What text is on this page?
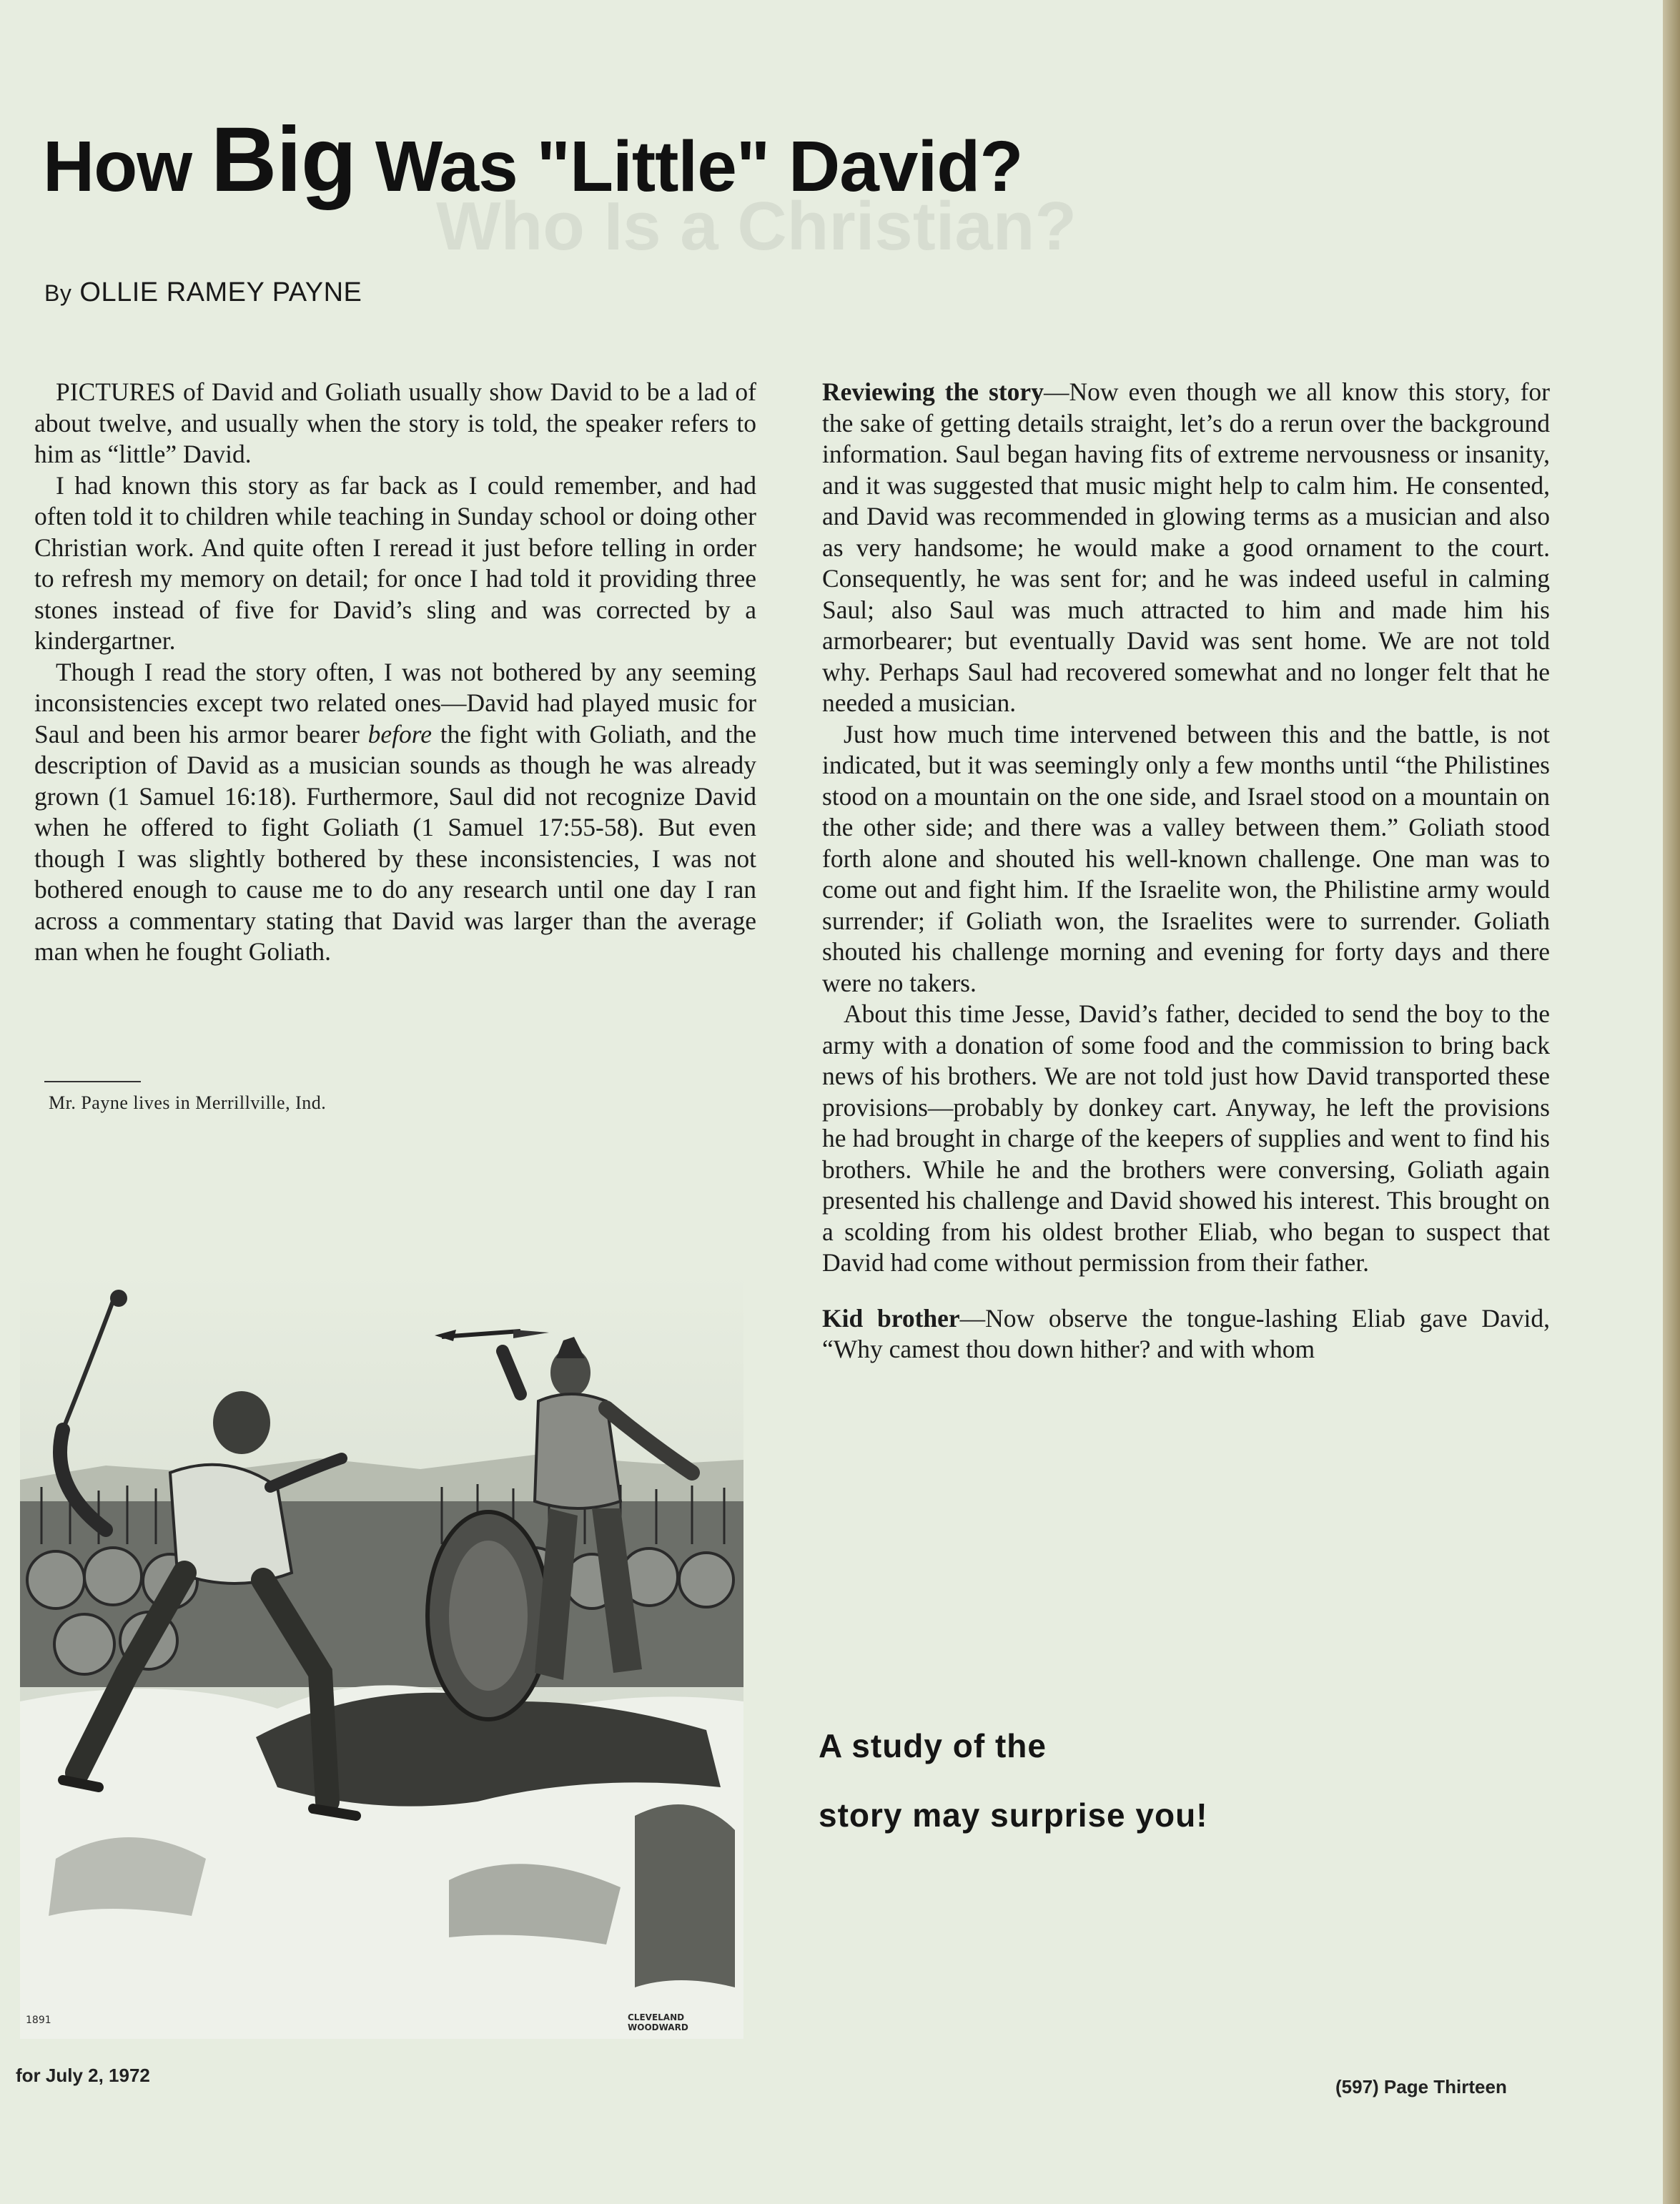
Who Is a Christian?
How Big Was "Little" David?
By OLLIE RAMEY PAYNE

PICTURES of David and Goliath usually show David to be a lad of about twelve, and usually when the story is told, the speaker refers to him as “little” David.

I had known this story as far back as I could remember, and had often told it to children while teaching in Sunday school or doing other Christian work. And quite often I reread it just before telling in order to refresh my memory on detail; for once I had told it providing three stones instead of five for David’s sling and was corrected by a kindergartner.

Though I read the story often, I was not bothered by any seeming inconsistencies except two related ones—David had played music for Saul and been his armor bearer before the fight with Goliath, and the description of David as a musician sounds as though he was already grown (1 Samuel 16:18). Furthermore, Saul did not recognize David when he offered to fight Goliath (1 Samuel 17:55-58). But even though I was slightly bothered by these inconsistencies, I was not bothered enough to cause me to do any research until one day I ran across a commentary stating that David was larger than the average man when he fought Goliath.

Mr. Payne lives in Merrillville, Ind.
CLEVELAND
WOODWARD
1891

Reviewing the story—Now even though we all know this story, for the sake of getting details straight, let’s do a rerun over the background information. Saul began having fits of extreme nervousness or insanity, and it was suggested that music might help to calm him. He consented, and David was recommended in glowing terms as a musician and also as very handsome; he would make a good ornament to the court. Consequently, he was sent for; and he was indeed useful in calming Saul; also Saul was much attracted to him and made him his armorbearer; but eventually David was sent home. We are not told why. Perhaps Saul had recovered somewhat and no longer felt that he needed a musician.

Just how much time intervened between this and the battle, is not indicated, but it was seemingly only a few months until “the Philistines stood on a mountain on the one side, and Israel stood on a mountain on the other side; and there was a valley between them.” Goliath stood forth alone and shouted his well-known challenge. One man was to come out and fight him. If the Israelite won, the Philistine army would surrender; if Goliath won, the Israelites were to surrender. Goliath shouted his challenge morning and evening for forty days and there were no takers.

About this time Jesse, David’s father, decided to send the boy to the army with a donation of some food and the commission to bring back news of his brothers. We are not told just how David transported these provisions—probably by donkey cart. Anyway, he left the provisions he had brought in charge of the keepers of supplies and went to find his brothers. While he and the brothers were conversing, Goliath again presented his challenge and David showed his interest. This brought on a scolding from his oldest brother Eliab, who began to suspect that David had come without permission from their father.

Kid brother—Now observe the tongue-lashing Eliab gave David, “Why camest thou down hither? and with whom

A study of the
story may surprise you!
for July 2, 1972
(597) Page Thirteen
